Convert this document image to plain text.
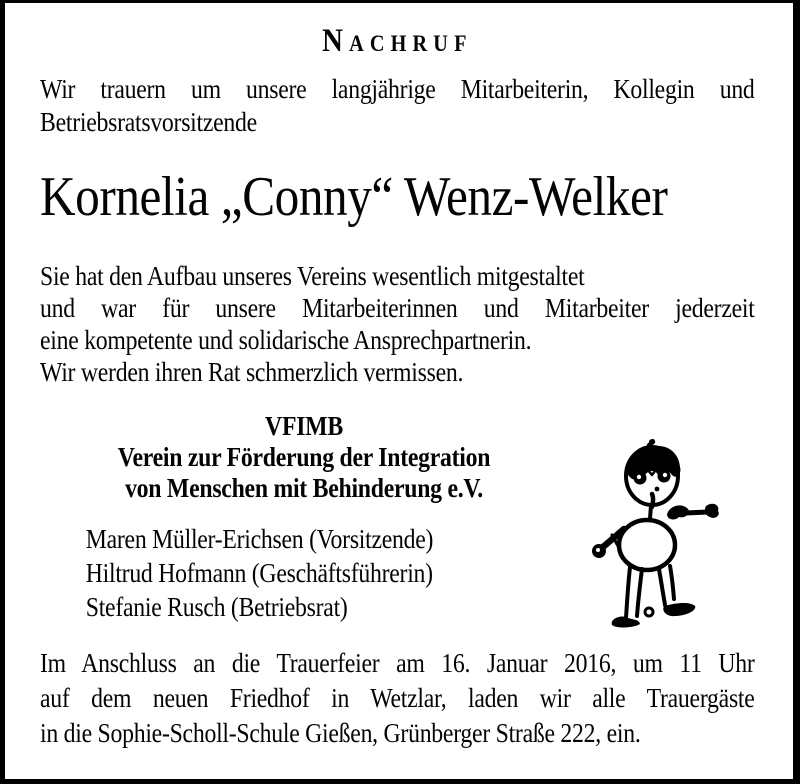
Nachruf
Wir trauern um unsere langjährige Mitarbeiterin, Kollegin und
Betriebsratsvorsitzende
Kornelia „Conny“ Wenz-Welker
Sie hat den Aufbau unseres Vereins wesentlich mitgestaltet
und war für unsere Mitarbeiterinnen und Mitarbeiter jederzeit
eine kompetente und solidarische Ansprechpartnerin.
Wir werden ihren Rat schmerzlich vermissen.
VFIMB
Verein zur Förderung der Integration
von Menschen mit Behinderung e.V.
Maren Müller-Erichsen (Vorsitzende)
Hiltrud Hofmann (Geschäftsführerin)
Stefanie Rusch (Betriebsrat)
Im Anschluss an die Trauerfeier am 16. Januar 2016, um 11 Uhr
auf dem neuen Friedhof in Wetzlar, laden wir alle Trauergäste
in die Sophie-Scholl-Schule Gießen, Grünberger Straße 222, ein.
